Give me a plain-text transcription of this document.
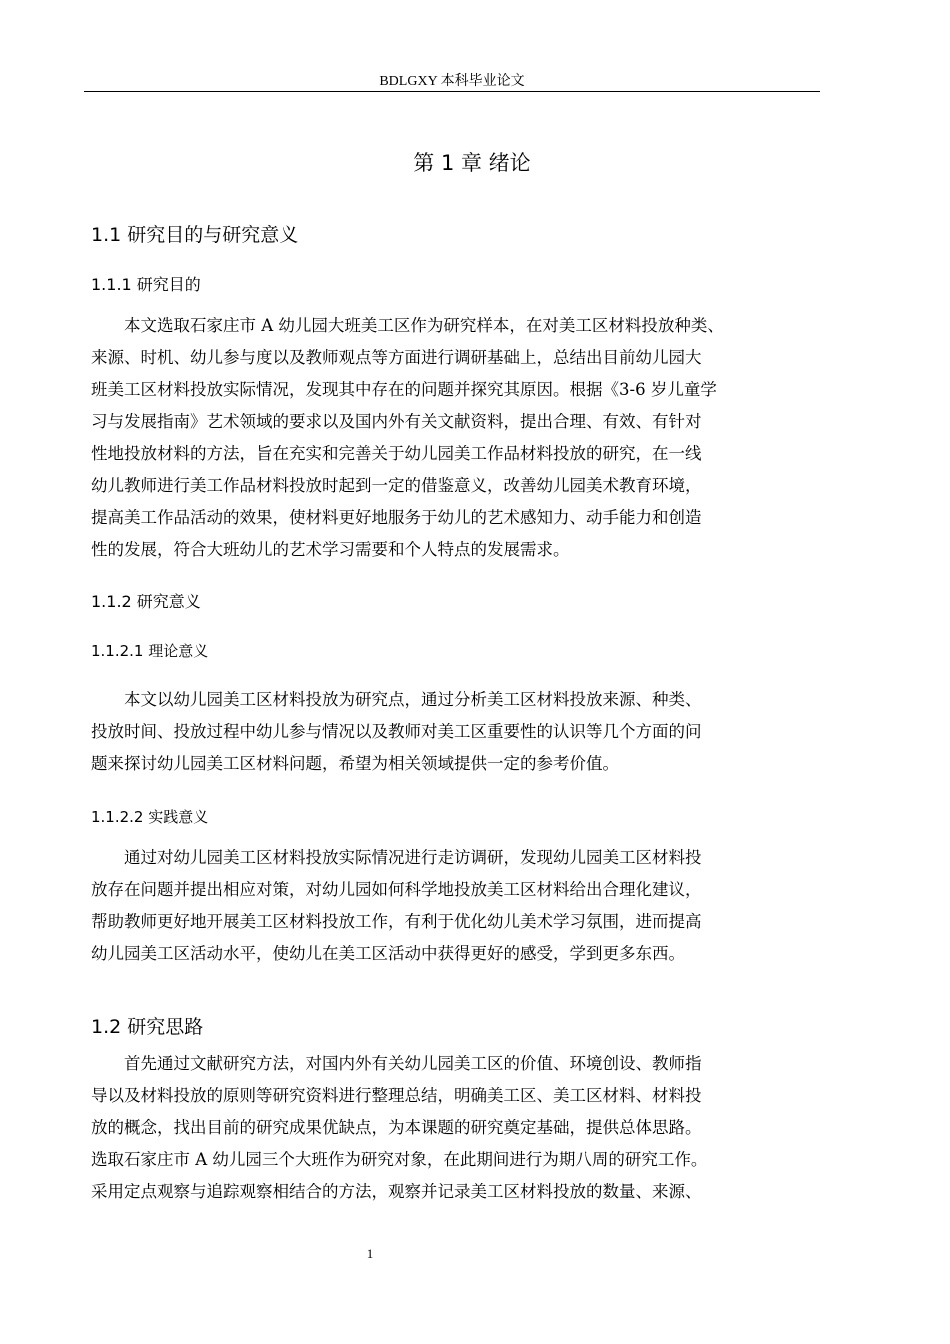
BDLGXY 本科毕业论文
第 1 章 绪论
1.1 研究目的与研究意义
1.1.1 研究目的
　　本文选取石家庄市 A 幼儿园大班美工区作为研究样本，在对美工区材料投放种类、
来源、时机、幼儿参与度以及教师观点等方面进行调研基础上，总结出目前幼儿园大
班美工区材料投放实际情况，发现其中存在的问题并探究其原因。根据《3-6 岁儿童学
习与发展指南》艺术领域的要求以及国内外有关文献资料，提出合理、有效、有针对
性地投放材料的方法，旨在充实和完善关于幼儿园美工作品材料投放的研究，在一线
幼儿教师进行美工作品材料投放时起到一定的借鉴意义，改善幼儿园美术教育环境，
提高美工作品活动的效果，使材料更好地服务于幼儿的艺术感知力、动手能力和创造
性的发展，符合大班幼儿的艺术学习需要和个人特点的发展需求。
1.1.2 研究意义
1.1.2.1 理论意义
　　本文以幼儿园美工区材料投放为研究点，通过分析美工区材料投放来源、种类、
投放时间、投放过程中幼儿参与情况以及教师对美工区重要性的认识等几个方面的问
题来探讨幼儿园美工区材料问题，希望为相关领域提供一定的参考价值。
1.1.2.2 实践意义
　　通过对幼儿园美工区材料投放实际情况进行走访调研，发现幼儿园美工区材料投
放存在问题并提出相应对策，对幼儿园如何科学地投放美工区材料给出合理化建议，
帮助教师更好地开展美工区材料投放工作，有利于优化幼儿美术学习氛围，进而提高
幼儿园美工区活动水平，使幼儿在美工区活动中获得更好的感受，学到更多东西。
1.2 研究思路
　　首先通过文献研究方法，对国内外有关幼儿园美工区的价值、环境创设、教师指
导以及材料投放的原则等研究资料进行整理总结，明确美工区、美工区材料、材料投
放的概念，找出目前的研究成果优缺点，为本课题的研究奠定基础，提供总体思路。
选取石家庄市 A 幼儿园三个大班作为研究对象，在此期间进行为期八周的研究工作。
采用定点观察与追踪观察相结合的方法，观察并记录美工区材料投放的数量、来源、
1
